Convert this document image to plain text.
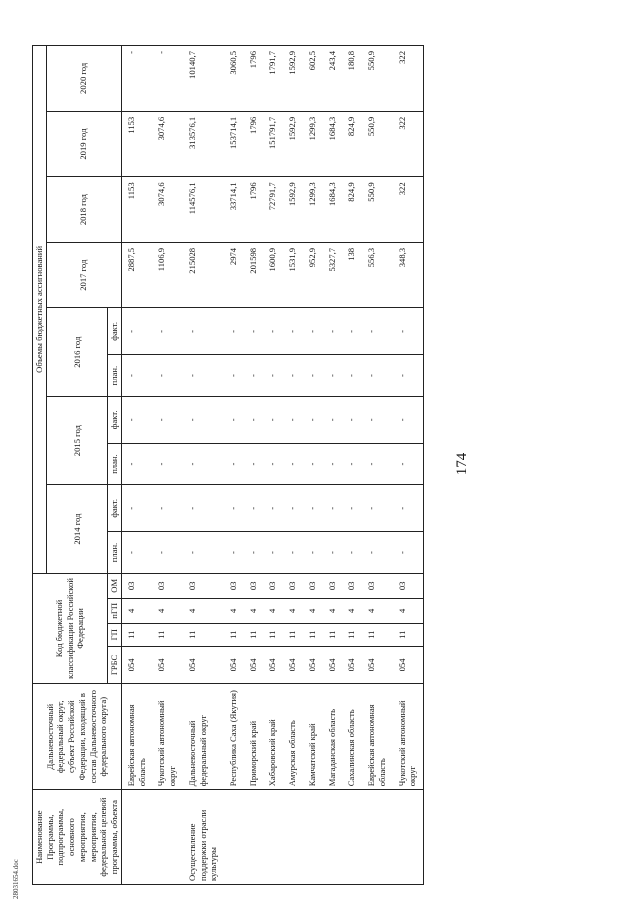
28031654.doc
174
Наименование Программы, подпрограммы, основного мероприятия, мероприятия, федеральной целевой программы, объекта	Дальневосточный федеральный округ, субъект Российской Федерации, входящий в состав Дальневосточного федерального округа)	Код бюджетной классификации Российской Федерации				Объемы бюджетных ассигнований									
						2014 год		2015 год		2016 год		2017 год	2018 год	2019 год	2020 год
		ГРБС	ГП	пГП	ОМ	план.	факт.	план.	факт.	план.	факт.				
	Еврейская автономная область	054	11	4	03	-	-	-	-	-	-	2887,5	1153	1153	-
	Чукотский автономный округ	054	11	4	03	-	-	-	-	-	-	1106,9	3074,6	3074,6	-
Осуществление поддержки отрасли культуры	Дальневосточный федеральный округ	054	11	4	03	-	-	-	-	-	-	215028	114576,1	313576,1	10140,7
	Республика Саха (Якутия)	054	11	4	03	-	-	-	-	-	-	2974	33714,1	153714,1	3060,5
	Приморский край	054	11	4	03	-	-	-	-	-	-	201598	1796	1796	1796
	Хабаровский край	054	11	4	03	-	-	-	-	-	-	1600,9	72791,7	151791,7	1791,7
	Амурская область	054	11	4	03	-	-	-	-	-	-	1531,9	1592,9	1592,9	1592,9
	Камчатский край	054	11	4	03	-	-	-	-	-	-	952,9	1299,3	1299,3	602,5
	Магаданская область	054	11	4	03	-	-	-	-	-	-	5327,7	1684,3	1684,3	243,4
	Сахалинская область	054	11	4	03	-	-	-	-	-	-	138	824,9	824,9	180,8
	Еврейская автономная область	054	11	4	03	-	-	-	-	-	-	556,3	550,9	550,9	550,9
	Чукотский автономный округ	054	11	4	03	-	-	-	-	-	-	348,3	322	322	322
